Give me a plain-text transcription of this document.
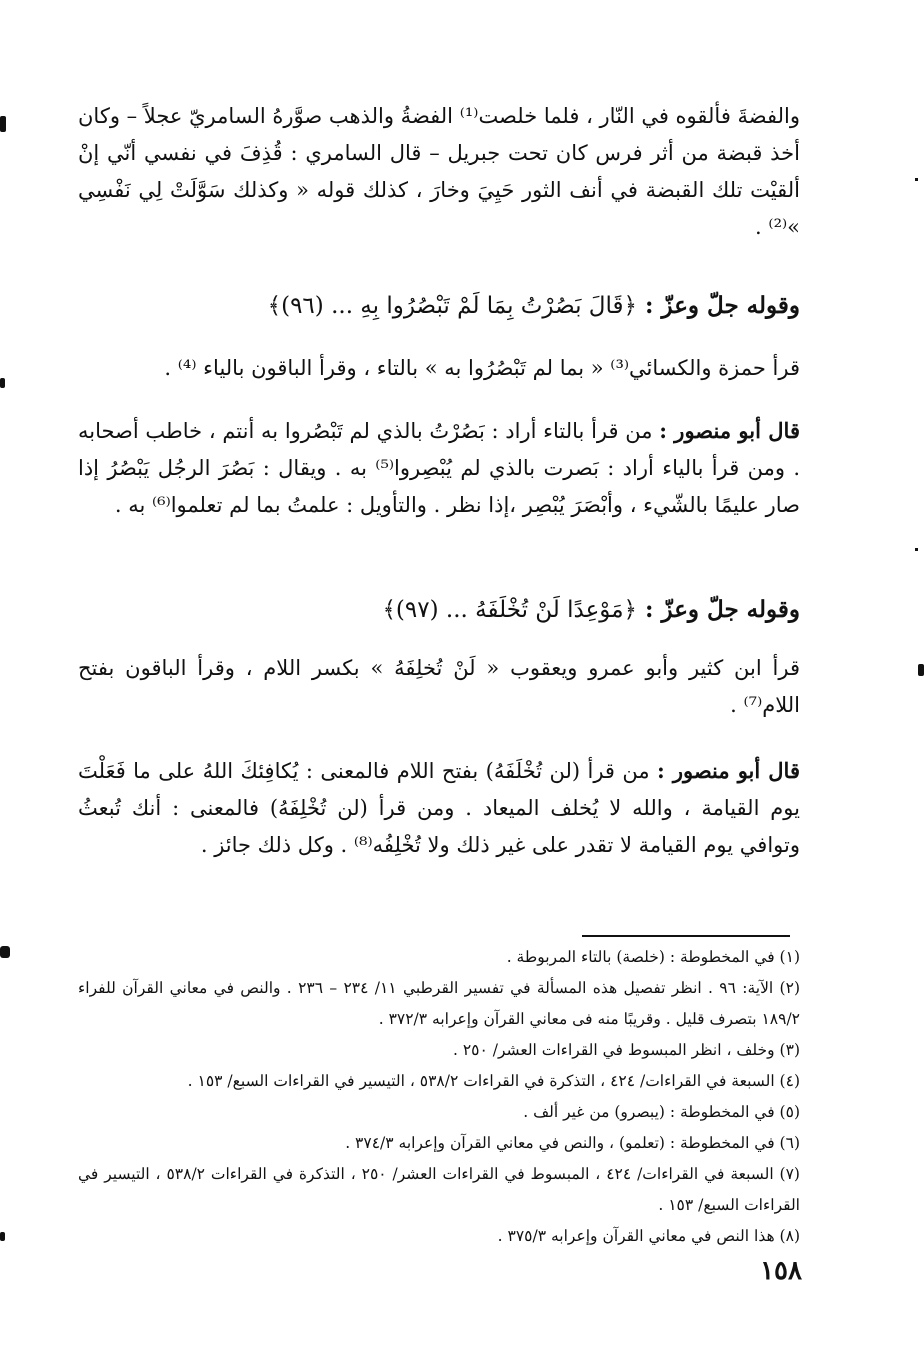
والفضةَ فألقوه في النّار ، فلما خلصت⁽¹⁾ الفضةُ والذهب صوَّرهُ السامريّ عجلاً – وكان أخذ قبضة من أثر فرس كان تحت جبريل – قال السامري : قُذِفَ في نفسي أنّي إنْ ألقيْت تلك القبضة في أنف الثور حَيِيَ وخارَ ، كذلك قوله « وكذلك سَوَّلَتْ لِي نَفْسِي »⁽²⁾ .

وقوله جلّ وعزّ : ﴿قَالَ بَصُرْتُ بِمَا لَمْ تَبْصُرُوا بِهِ ... (٩٦)﴾

قرأ حمزة والكسائي⁽³⁾ « بما لم تَبْصُرُوا به » بالتاء ، وقرأ الباقون بالياء ⁽⁴⁾ .

قال أبو منصور : من قرأ بالتاء أراد : بَصُرْتُ بالذي لم تَبْصُروا به أنتم ، خاطب أصحابه . ومن قرأ بالياء أراد : بَصرت بالذي لم يُبْصِروا⁽⁵⁾ به . ويقال : بَصُرَ الرجُل يَبْصُرُ إذا صار عليمًا بالشّيء ، وأبْصَرَ يُبْصِر ،إذا نظر . والتأويل : علمتُ بما لم تعلموا⁽⁶⁾ به .

وقوله جلّ وعزّ : ﴿مَوْعِدًا لَنْ تُخْلَفَهُ ... (٩٧)﴾

قرأ ابن كثير وأبو عمرو ويعقوب « لَنْ تُخلِفَهُ » بكسر اللام ، وقرأ الباقون بفتح اللام⁽⁷⁾ .

قال أبو منصور : من قرأ (لن تُخْلَفَهُ) بفتح اللام فالمعنى : يُكافِئكَ اللهُ على ما فَعَلْتَ يوم القيامة ، والله لا يُخلف الميعاد . ومن قرأ (لن تُخْلِفَهُ) فالمعنى : أنك تُبعثُ وتوافي يوم القيامة لا تقدر على غير ذلك ولا تُخْلِفُه⁽⁸⁾ . وكل ذلك جائز .

(١) في المخطوطة : (خلصة) بالتاء المربوطة .
(٢) الآية: ٩٦ . انظر تفصيل هذه المسألة في تفسير القرطبي ١١/ ٢٣٤ – ٢٣٦ . والنص في معاني القرآن للفراء ١٨٩/٢ بتصرف قليل . وقريبًا منه فى معاني القرآن وإعرابه ٣٧٢/٣ .
(٣) وخلف ، انظر المبسوط في القراءات العشر/ ٢٥٠ .
(٤) السبعة في القراءات/ ٤٢٤ ، التذكرة في القراءات ٥٣٨/٢ ، التيسير في القراءات السبع/ ١٥٣ .
(٥) في المخطوطة : (يبصرو) من غير ألف .
(٦) في المخطوطة : (تعلمو) ، والنص في معاني القرآن وإعرابه ٣٧٤/٣ .
(٧) السبعة في القراءات/ ٤٢٤ ، المبسوط في القراءات العشر/ ٢٥٠ ، التذكرة في القراءات ٥٣٨/٢ ، التيسير في القراءات السبع/ ١٥٣ .
(٨) هذا النص في معاني القرآن وإعرابه ٣٧٥/٣ .
١٥٨
